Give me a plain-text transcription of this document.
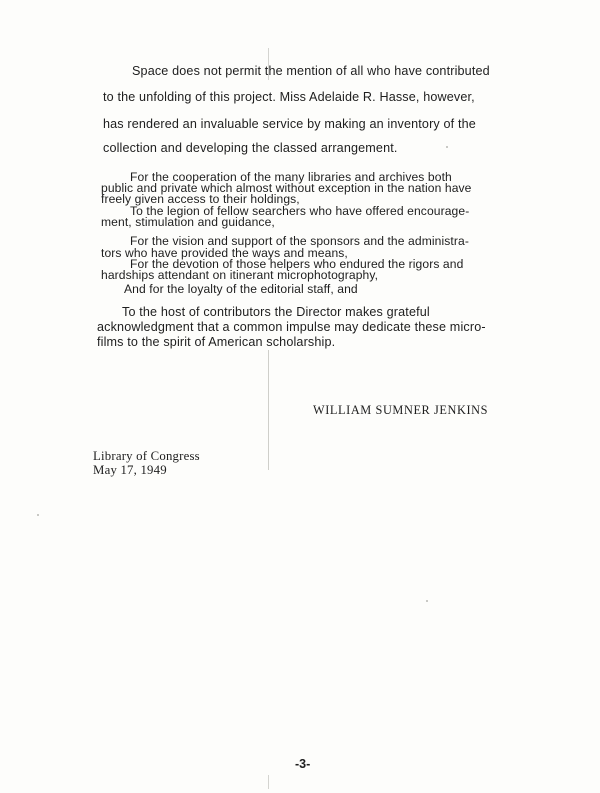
Space does not permit the mention of all who have contributed

to the unfolding of this project. Miss Adelaide R. Hasse, however,

has rendered an invaluable service by making an inventory of the

collection and developing the classed arrangement.

For the cooperation of the many libraries and archives both

public and private which almost without exception in the nation have

freely given access to their holdings,

To the legion of fellow searchers who have offered encourage-

ment, stimulation and guidance,

For the vision and support of the sponsors and the administra-

tors who have provided the ways and means,

For the devotion of those helpers who endured the rigors and

hardships attendant on itinerant microphotography,

And for the loyalty of the editorial staff, and

To the host of contributors the Director makes grateful

acknowledgment that a common impulse may dedicate these micro-

films to the spirit of American scholarship.

WILLIAM SUMNER JENKINS

Library of Congress

May 17, 1949

-3-
